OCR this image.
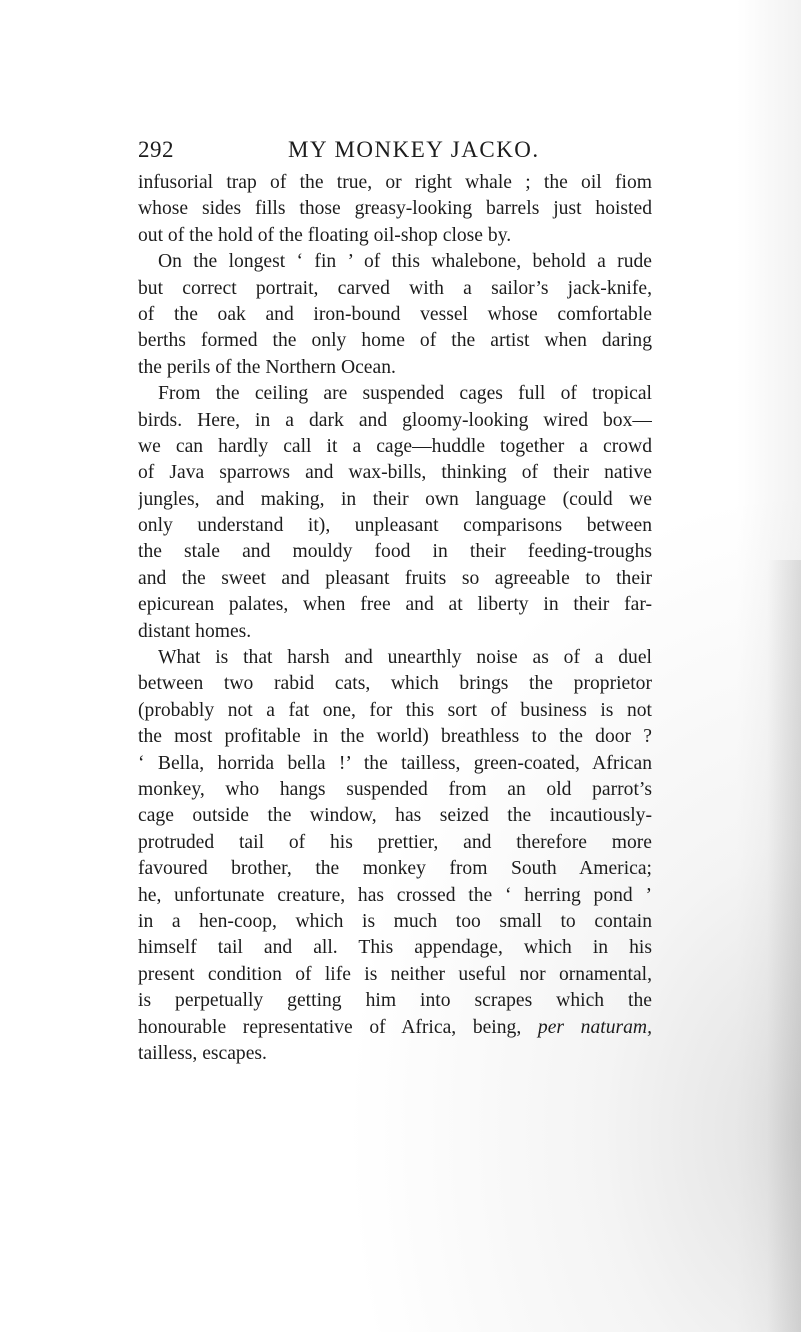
292	MY MONKEY JACKO.
infusorial trap of the true, or right whale ; the oil fiom
whose sides fills those greasy-looking barrels just hoisted
out of the hold of the floating oil-shop close by.
On the longest ‘ fin ’ of this whalebone, behold a rude
but correct portrait, carved with a sailor’s jack-knife,
of the oak and iron-bound vessel whose comfortable
berths formed the only home of the artist when daring
the perils of the Northern Ocean.
From the ceiling are suspended cages full of tropical
birds. Here, in a dark and gloomy-looking wired box—
we can hardly call it a cage—huddle together a crowd
of Java sparrows and wax-bills, thinking of their native
jungles, and making, in their own language (could we
only understand it), unpleasant comparisons between
the stale and mouldy food in their feeding-troughs
and the sweet and pleasant fruits so agreeable to their
epicurean palates, when free and at liberty in their far-
distant homes.
What is that harsh and unearthly noise as of a duel
between two rabid cats, which brings the proprietor
(probably not a fat one, for this sort of business is not
the most profitable in the world) breathless to the door ?
‘ Bella, horrida bella !’ the tailless, green-coated, African
monkey, who hangs suspended from an old parrot’s
cage outside the window, has seized the incautiously-
protruded tail of his prettier, and therefore more
favoured brother, the monkey from South America;
he, unfortunate creature, has crossed the ‘ herring pond ’
in a hen-coop, which is much too small to contain
himself tail and all. This appendage, which in his
present condition of life is neither useful nor ornamental,
is perpetually getting him into scrapes which the
honourable representative of Africa, being, per naturam,
tailless, escapes.
